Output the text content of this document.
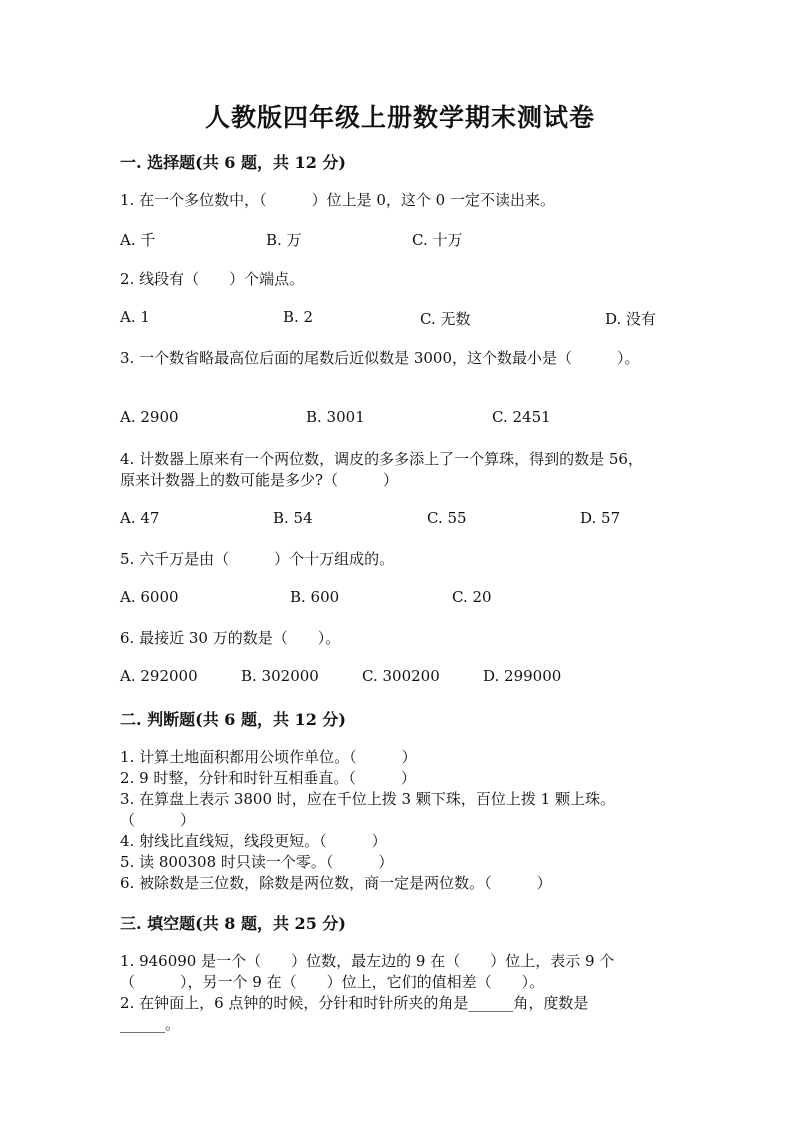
人教版四年级上册数学期末测试卷
一. 选择题(共 6 题，共 12 分)
1. 在一个多位数中，（　　　）位上是 0，这个 0 一定不读出来。
A. 千	B. 万	C. 十万
2. 线段有（　　）个端点。
A. 1	B. 2	C. 无数	D. 没有
3. 一个数省略最高位后面的尾数后近似数是 3000，这个数最小是（　　　）。
A. 2900	B. 3001	C. 2451
4. 计数器上原来有一个两位数，调皮的多多添上了一个算珠，得到的数是 56，
原来计数器上的数可能是多少?（　　　）
A. 47	B. 54	C. 55	D. 57
5. 六千万是由（　　　）个十万组成的。
A. 6000	B. 600	C. 20
6. 最接近 30 万的数是（　　）。
A. 292000	B. 302000	C. 300200	D. 299000
二. 判断题(共 6 题，共 12 分)
1. 计算土地面积都用公顷作单位。（　　　）
2. 9 时整，分针和时针互相垂直。（　　　）
3. 在算盘上表示 3800 时，应在千位上拨 3 颗下珠，百位上拨 1 颗上珠。
（　　　）
4. 射线比直线短，线段更短。（　　　）
5. 读 800308 时只读一个零。（　　　）
6. 被除数是三位数，除数是两位数，商一定是两位数。（　　　）
三. 填空题(共 8 题，共 25 分)
1. 946090 是一个（　　）位数，最左边的 9 在（　　）位上，表示 9 个
（　　　），另一个 9 在（　　）位上，它们的值相差（　　）。
2. 在钟面上，6 点钟的时候，分针和时针所夹的角是______角，度数是
______。
